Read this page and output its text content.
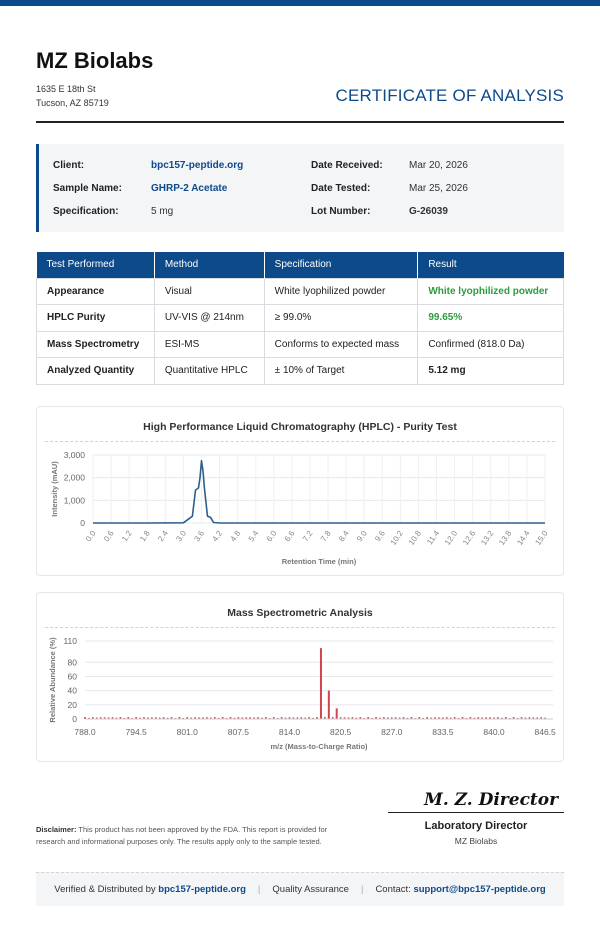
MZ Biolabs
1635 E 18th St
Tucson, AZ 85719	CERTIFICATE OF ANALYSIS
Client:	bpc157-peptide.org
Sample Name:	GHRP-2 Acetate
Specification:	5 mg
Date Received:	Mar 20, 2026
Date Tested:	Mar 25, 2026
Lot Number:	G-26039
Test Performed	Method	Specification	Result
Appearance	Visual	White lyophilized powder	White lyophilized powder
HPLC Purity	UV-VIS @ 214nm	≥ 99.0%	99.65%
Mass Spectrometry	ESI-MS	Conforms to expected mass	Confirmed (818.0 Da)
Analyzed Quantity	Quantitative HPLC	± 10% of Target	5.12 mg
High Performance Liquid Chromatography (HPLC) - Purity Test
0
1,000
2,000
3,000
0.0 0.6 1.2 1.8 2.4 3.0 3.6 4.2 4.8 5.4 6.0 6.6 7.2 7.8 8.4 9.0 9.6 10.2 10.8 11.4 12.0 12.6 13.2 13.8 14.4 15.0
Retention Time (min)
Intensity (mAU)
Mass Spectrometric Analysis
0
20
40
60
80
110
788.0	794.5	801.0	807.5	814.0	820.5	827.0	833.5	840.0	846.5
m/z (Mass-to-Charge Ratio)
Relative Abundance (%)
Disclaimer: This product has not been approved by the FDA. This report is provided for research and informational purposes only. The results apply only to the sample tested.
M. Z. Director
Laboratory Director
MZ Biolabs
Verified & Distributed by bpc157-peptide.org | Quality Assurance | Contact: support@bpc157-peptide.org
